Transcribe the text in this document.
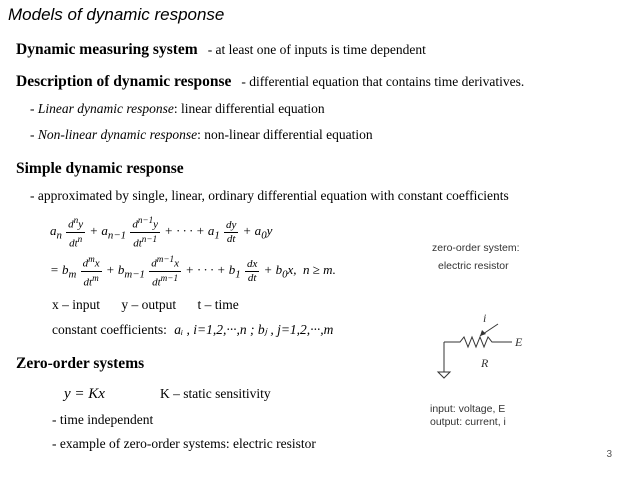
Models of dynamic response
Dynamic measuring system - at least one of inputs is time dependent
Description of dynamic response - differential equation that contains time derivatives.
- Linear dynamic response: linear differential equation
- Non-linear dynamic response: non-linear differential equation
Simple dynamic response
- approximated by single, linear, ordinary differential equation with constant coefficients
$a_n \frac{d^ny}{dt^n} + a_{n-1} \frac{d^{n-1}y}{dt^{n-1}}$ + · · · + $a_1 \frac{dy}{dt} + a_0y$
= $b_m \frac{d^mx}{dt^m} + b_{m-1} \frac{d^{m-1}x}{dt^{m-1}}$ + · · · + $b_1 \frac{dx}{dt} + b_0x$,  n ≥ m.
x – input y – output t – time
constant coefficients: aᵢ , i=1,2,···,n ; bⱼ , j=1,2,···,m
Zero-order systems
y = Kx	K – static sensitivity
- time independent
- example of zero-order systems: electric resistor
zero-order system:
electric resistor
i
E
R
input: voltage, E
output: current, i
3
